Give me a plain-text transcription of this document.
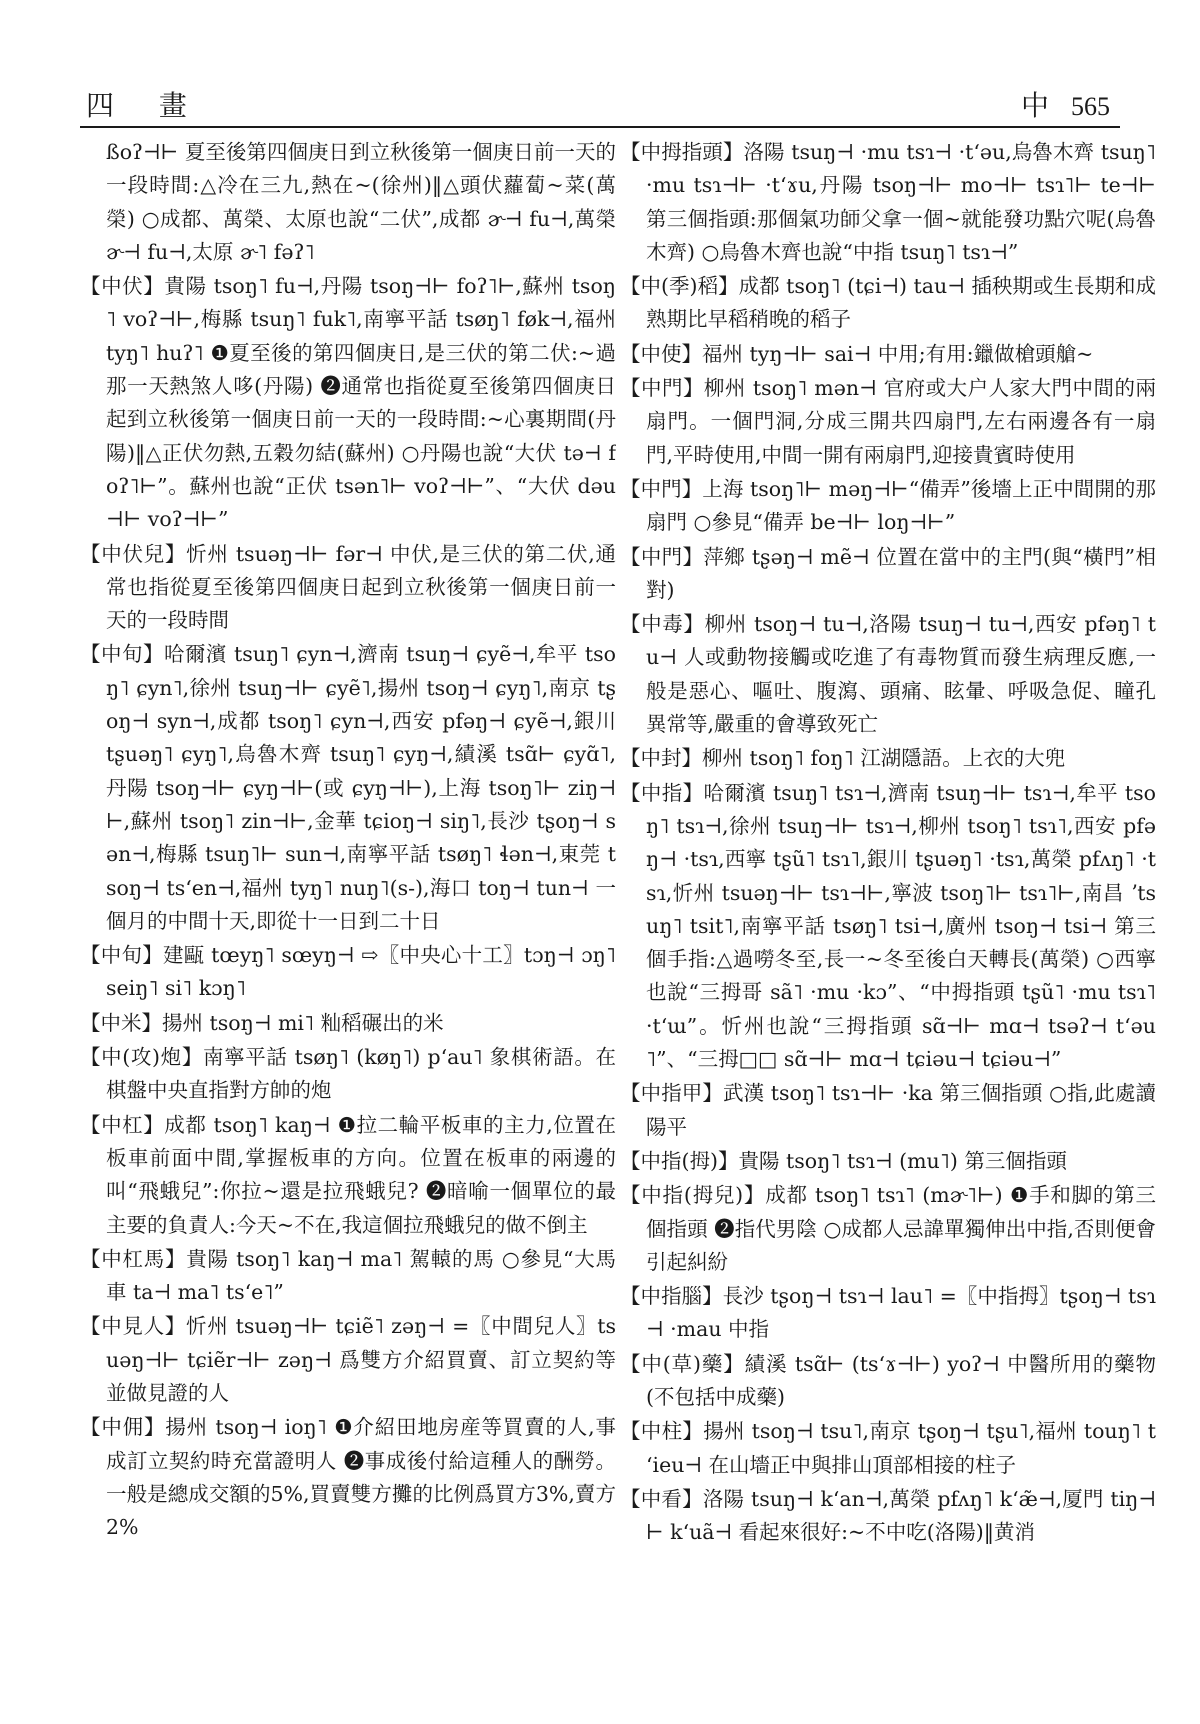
四 畫	中 565

ßoʔ⊣⊢ 夏至後第四個庚日到立秋後第一個庚日前一天的一段時間:△冷在三九,熱在~(徐州)‖△頭伏蘿蔔~菜(萬榮) ○成都、萬榮、太原也說“二伏”,成都 ɚ⊣ fu⊣,萬榮 ɚ⊣ fu⊣,太原 ɚ˥ fəʔ˥

【中伏】貴陽 tsoŋ˥ fu⊣,丹陽 tsoŋ⊣⊢ foʔ˥⊢,蘇州 tsoŋ˥ voʔ⊣⊢,梅縣 tsuŋ˥ fuk˥,南寧平話 tsøŋ˥ føk⊣,福州 tyŋ˥ huʔ˥ ❶夏至後的第四個庚日,是三伏的第二伏:~過那一天熱煞人哆(丹陽) ❷通常也指從夏至後第四個庚日起到立秋後第一個庚日前一天的一段時間:~心裏期間(丹陽)‖△正伏勿熱,五穀勿結(蘇州) ○丹陽也說“大伏 tə⊣ foʔ˥⊢”。蘇州也說“正伏 tsən˥⊢ voʔ⊣⊢”、“大伏 dəu⊣⊢ voʔ⊣⊢”

【中伏兒】忻州 tsuəŋ⊣⊢ fər⊣ 中伏,是三伏的第二伏,通常也指從夏至後第四個庚日起到立秋後第一個庚日前一天的一段時間

【中旬】哈爾濱 tsuŋ˥ ɕyn⊣,濟南 tsuŋ⊣ ɕyẽ⊣,牟平 tsoŋ˥ ɕyn˥,徐州 tsuŋ⊣⊢ ɕyẽ˥,揚州 tsoŋ⊣ ɕyŋ˥,南京 tʂoŋ⊣ syn⊣,成都 tsoŋ˥ ɕyn⊣,西安 pfəŋ⊣ ɕyẽ⊣,銀川 tʂuəŋ˥ ɕyŋ˥,烏魯木齊 tsuŋ˥ ɕyŋ⊣,績溪 tsɑ̃⊢ ɕyɑ̃˥,丹陽 tsoŋ⊣⊢ ɕyŋ⊣⊢(或 ɕyŋ⊣⊢),上海 tsoŋ˥⊢ ziŋ⊣⊢,蘇州 tsoŋ˥ zin⊣⊢,金華 tɕioŋ⊣ siŋ˥,長沙 tʂoŋ⊣ sən⊣,梅縣 tsuŋ˥⊢ sun⊣,南寧平話 tsøŋ˥ ɬən⊣,東莞 tsoŋ⊣ tsʻen⊣,福州 tyŋ˥ nuŋ˥(s-),海口 toŋ⊣ tun⊣ 一個月的中間十天,即從十一日到二十日

【中旬】建甌 tœyŋ˥ sœyŋ⊣ ⇨〖中央心十工〗tɔŋ⊣ ɔŋ˥ seiŋ˥ si˥ kɔŋ˥

【中米】揚州 tsoŋ⊣ mi˥ 籼稻碾出的米

【中(攻)炮】南寧平話 tsøŋ˥ (køŋ˥) pʻau˥ 象棋術語。在棋盤中央直指對方帥的炮

【中杠】成都 tsoŋ˥ kaŋ⊣ ❶拉二輪平板車的主力,位置在板車前面中間,掌握板車的方向。位置在板車的兩邊的叫“飛蛾兒”:你拉~還是拉飛蛾兒? ❷暗喻一個單位的最主要的負責人:今天~不在,我這個拉飛蛾兒的做不倒主

【中杠馬】貴陽 tsoŋ˥ kaŋ⊣ ma˥ 駕轅的馬 ○參見“大馬車 ta⊣ ma˥ tsʻe˥”

【中見人】忻州 tsuəŋ⊣⊢ tɕiẽ˥ zəŋ⊣ =〖中間兒人〗tsuəŋ⊣⊢ tɕiẽr⊣⊢ zəŋ⊣ 爲雙方介紹買賣、訂立契約等並做見證的人

【中佣】揚州 tsoŋ⊣ ioŋ˥ ❶介紹田地房産等買賣的人,事成訂立契約時充當證明人 ❷事成後付給這種人的酬勞。一般是總成交額的5%,買賣雙方攤的比例爲買方3%,賣方2%

【中拇指頭】洛陽 tsuŋ⊣ ·mu tsɿ⊣ ·tʻəu,烏魯木齊 tsuŋ˥ ·mu tsɿ⊣⊢ ·tʻɤu,丹陽 tsoŋ⊣⊢ mo⊣⊢ tsɿ˥⊢ te⊣⊢ 第三個指頭:那個氣功師父拿一個~就能發功點穴呢(烏魯木齊) ○烏魯木齊也說“中指 tsuŋ˥ tsɿ⊣”

【中(季)稻】成都 tsoŋ˥ (tɕi⊣) tau⊣ 插秧期或生長期和成熟期比早稻稍晚的稻子

【中使】福州 tyŋ⊣⊢ sai⊣ 中用;有用:鑞做槍頭艙~

【中門】柳州 tsoŋ˥ mən⊣ 官府或大户人家大門中間的兩扇門。一個門洞,分成三開共四扇門,左右兩邊各有一扇門,平時使用,中間一開有兩扇門,迎接貴賓時使用

【中門】上海 tsoŋ˥⊢ məŋ⊣⊢“備弄”後墻上正中間開的那扇門 ○參見“備弄 be⊣⊢ loŋ⊣⊢”

【中門】萍鄉 tʂəŋ⊣ mẽ⊣ 位置在當中的主門(與“橫門”相對)

【中毒】柳州 tsoŋ⊣ tu⊣,洛陽 tsuŋ⊣ tu⊣,西安 pfəŋ˥ tu⊣ 人或動物接觸或吃進了有毒物質而發生病理反應,一般是惡心、嘔吐、腹瀉、頭痛、眩暈、呼吸急促、瞳孔異常等,嚴重的會導致死亡

【中封】柳州 tsoŋ˥ foŋ˥ 江湖隱語。上衣的大兜

【中指】哈爾濱 tsuŋ˥ tsɿ⊣,濟南 tsuŋ⊣⊢ tsɿ⊣,牟平 tsoŋ˥ tsɿ⊣,徐州 tsuŋ⊣⊢ tsɿ⊣,柳州 tsoŋ˥ tsɿ˥,西安 pfəŋ⊣ ·tsɿ,西寧 tʂũ˥ tsɿ˥,銀川 tʂuəŋ˥ ·tsɿ,萬榮 pfʌŋ˥ ·tsɿ,忻州 tsuəŋ⊣⊢ tsɿ⊣⊢,寧波 tsoŋ˥⊢ tsɿ˥⊢,南昌 ʼtsuŋ˥ tsit˥,南寧平話 tsøŋ˥ tsi⊣,廣州 tsoŋ⊣ tsi⊣ 第三個手指:△過嘮冬至,長一~冬至後白天轉長(萬榮) ○西寧也說“三拇哥 sã˥ ·mu ·kɔ”、“中拇指頭 tʂũ˥ ·mu tsɿ˥ ·tʻɯ”。忻州也說“三拇指頭 sɑ̃⊣⊢ mɑ⊣ tsəʔ⊣ tʻəu˥”、“三拇□□ sɑ̃⊣⊢ mɑ⊣ tɕiəu⊣ tɕiəu⊣”

【中指甲】武漢 tsoŋ˥ tsɿ⊣⊢ ·ka 第三個指頭 ○指,此處讀陽平

【中指(拇)】貴陽 tsoŋ˥ tsɿ⊣ (mu˥) 第三個指頭

【中指(拇兒)】成都 tsoŋ˥ tsɿ˥ (mɚ˥⊢) ❶手和脚的第三個指頭 ❷指代男陰 ○成都人忌諱單獨伸出中指,否則便會引起糾紛

【中指腦】長沙 tʂoŋ⊣ tsɿ⊣ lau˥ =〖中指拇〗tʂoŋ⊣ tsɿ⊣ ·mau 中指

【中(草)藥】績溪 tsɑ̃⊢ (tsʻɤ⊣⊢) yoʔ⊣ 中醫所用的藥物(不包括中成藥)

【中柱】揚州 tsoŋ⊣ tsu˥,南京 tʂoŋ⊣ tʂu˥,福州 touŋ˥ tʻieu⊣ 在山墻正中與排山頂部相接的柱子

【中看】洛陽 tsuŋ⊣ kʻan⊣,萬榮 pfʌŋ˥ kʻæ̃⊣,厦門 tiŋ⊣⊢ kʻuã⊣ 看起來很好:~不中吃(洛陽)‖黄消
